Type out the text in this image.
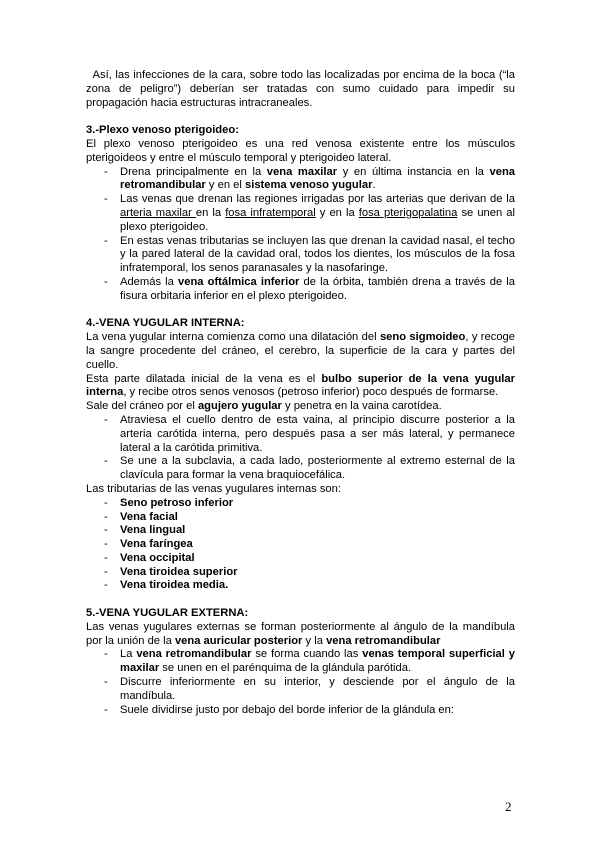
Así, las infecciones de la cara, sobre todo las localizadas por encima de la boca (“la zona de peligro”) deberían ser tratadas con sumo cuidado para impedir su propagación hacia estructuras intracraneales.

3.-Plexo venoso pterigoideo:

El plexo venoso pterigoideo es una red venosa existente entre los músculos pterigoideos y entre el músculo temporal y pterigoideo lateral.

- Drena principalmente en la vena maxilar y en última instancia en la vena retromandibular y en el sistema venoso yugular.
- Las venas que drenan las regiones irrigadas por las arterias que derivan de la arteria maxilar en la fosa infratemporal y en la fosa pterigopalatina se unen al plexo pterigoideo.
- En estas venas tributarias se incluyen las que drenan la cavidad nasal, el techo y la pared lateral de la cavidad oral, todos los dientes, los músculos de la fosa infratemporal, los senos paranasales y la nasofaringe.
- Además la vena oftálmica inferior de la órbita, también drena a través de la fisura orbitaria inferior en el plexo pterigoideo.
4.-VENA YUGULAR INTERNA:

La vena yugular interna comienza como una dilatación del seno sigmoideo, y recoge la sangre procedente del cráneo, el cerebro, la superficie de la cara y partes del cuello.

Esta parte dilatada inicial de la vena es el bulbo superior de la vena yugular interna, y recibe otros senos venosos (petroso inferior) poco después de formarse.

Sale del cráneo por el agujero yugular y penetra en la vaina carotídea.

- Atraviesa el cuello dentro de esta vaina, al principio discurre posterior a la arteria carótida interna, pero después pasa a ser más lateral, y permanece lateral a la carótida primitiva.
- Se une a la subclavia, a cada lado, posteriormente al extremo esternal de la clavícula para formar la vena braquiocefálica.

Las tributarias de las venas yugulares internas son:

- Seno petroso inferior
- Vena facial
- Vena lingual
- Vena faríngea
- Vena occipital
- Vena tiroidea superior
- Vena tiroidea media.
5.-VENA YUGULAR EXTERNA:

Las venas yugulares externas se forman posteriormente al ángulo de la mandíbula por la unión de la vena auricular posterior y la vena retromandibular

- La vena retromandibular se forma cuando las venas temporal superficial y maxilar se unen en el parénquima de la glándula parótida.
- Discurre inferiormente en su interior, y desciende por el ángulo de la mandíbula.
- Suele dividirse justo por debajo del borde inferior de la glándula en:
2
